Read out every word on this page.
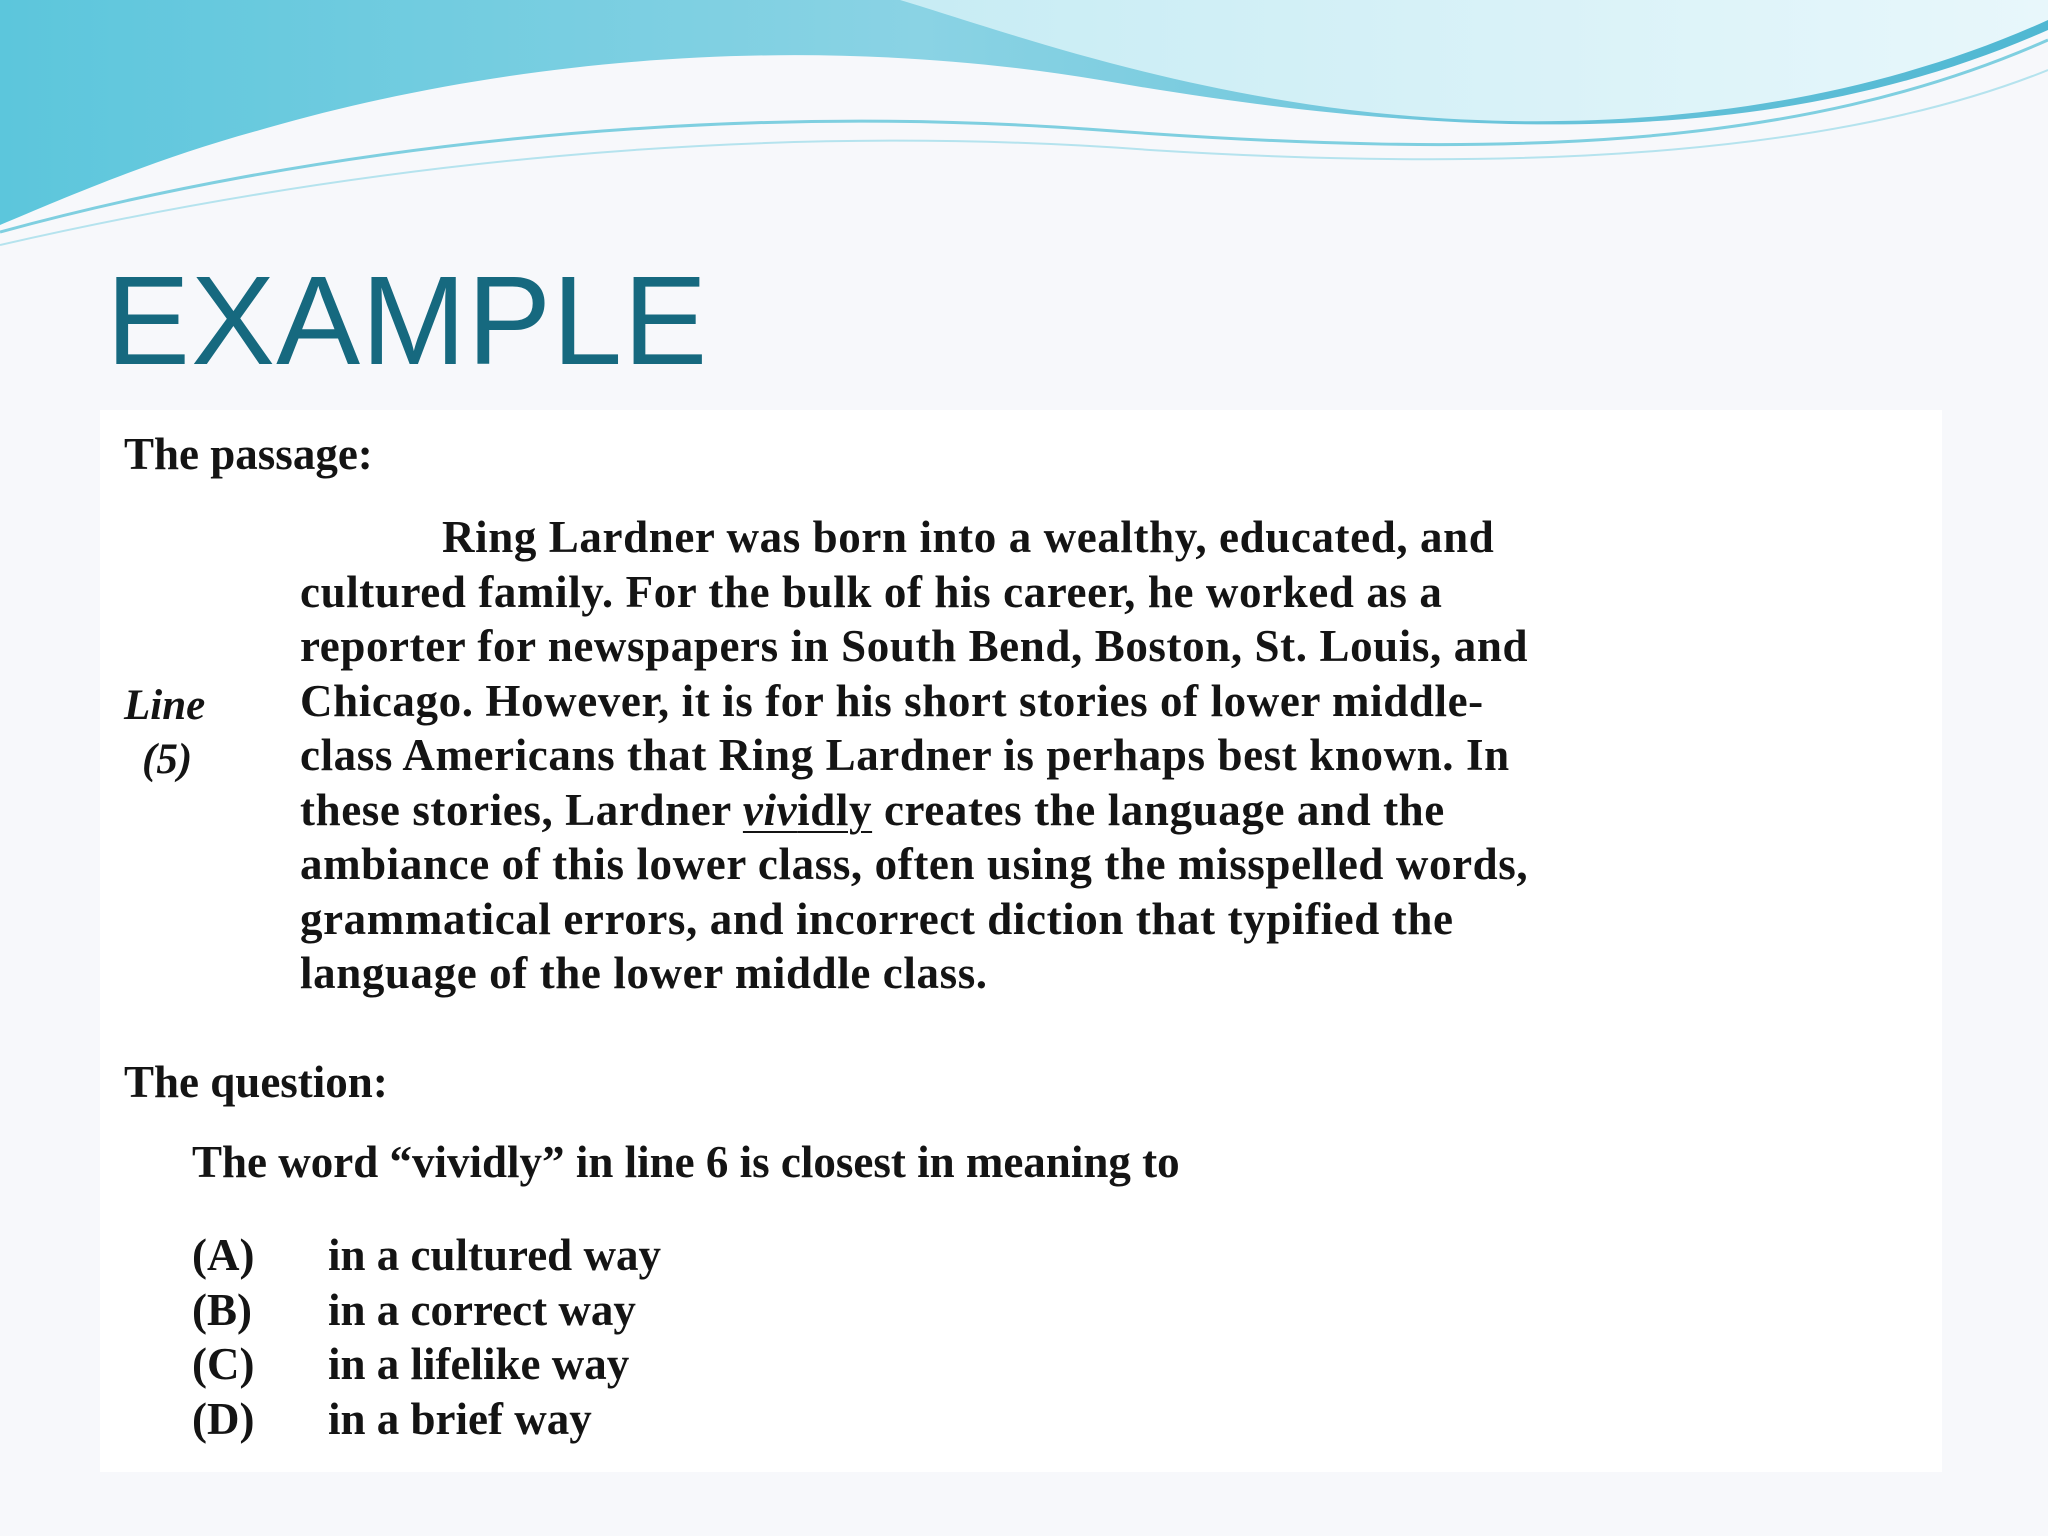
EXAMPLE
The passage:
Line
(5)
Ring Lardner was born into a wealthy, educated, and
cultured family. For the bulk of his career, he worked as a
reporter for newspapers in South Bend, Boston, St. Louis, and
Chicago. However, it is for his short stories of lower middle-
class Americans that Ring Lardner is perhaps best known. In
these stories, Lardner vividly creates the language and the
ambiance of this lower class, often using the misspelled words,
grammatical errors, and incorrect diction that typified the
language of the lower middle class.
The question:
The word “vividly” in line 6 is closest in meaning to
(A) in a cultured way
(B) in a correct way
(C) in a lifelike way
(D) in a brief way
